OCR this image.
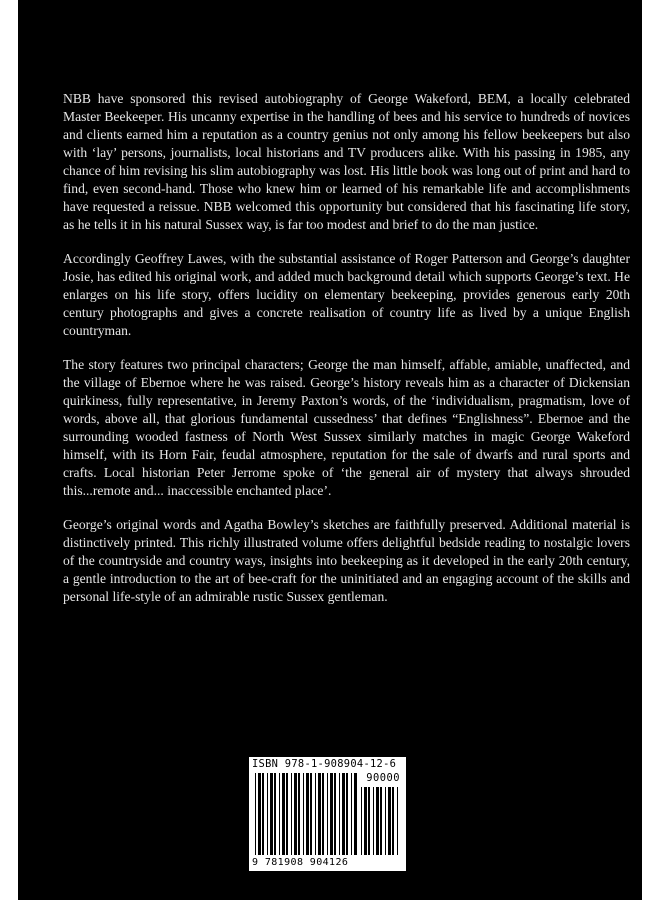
NBB have sponsored this revised autobiography of George Wakeford, BEM, a locally celebrated Master Beekeeper. His uncanny expertise in the handling of bees and his service to hundreds of novices and clients earned him a reputation as a country genius not only among his fellow beekeepers but also with ‘lay’ persons, journalists, local historians and TV producers alike. With his passing in 1985, any chance of him revising his slim autobiography was lost. His little book was long out of print and hard to find, even second-hand. Those who knew him or learned of his remarkable life and accomplishments have requested a reissue. NBB welcomed this opportunity but considered that his fascinating life story, as he tells it in his natural Sussex way, is far too modest and brief to do the man justice.

Accordingly Geoffrey Lawes, with the substantial assistance of Roger Patterson and George’s daughter Josie, has edited his original work, and added much background detail which supports George’s text. He enlarges on his life story, offers lucidity on elementary beekeeping, provides generous early 20th century photographs and gives a concrete realisation of country life as lived by a unique English countryman.

The story features two principal characters; George the man himself, affable, amiable, unaffected, and the village of Ebernoe where he was raised. George’s history reveals him as a character of Dickensian quirkiness, fully representative, in Jeremy Paxton’s words, of the ‘individualism, pragmatism, love of words, above all, that glorious fundamental cussedness’ that defines “Englishness”. Ebernoe and the surrounding wooded fastness of North West Sussex similarly matches in magic George Wakeford himself, with its Horn Fair, feudal atmosphere, reputation for the sale of dwarfs and rural sports and crafts. Local historian Peter Jerrome spoke of ‘the general air of mystery that always shrouded this...remote and... inaccessible enchanted place’.

George’s original words and Agatha Bowley’s sketches are faithfully preserved. Additional material is distinctively printed. This richly illustrated volume offers delightful bedside reading to nostalgic lovers of the countryside and country ways, insights into beekeeping as it developed in the early 20th century, a gentle introduction to the art of bee-craft for the uninitiated and an engaging account of the skills and personal life-style of an admirable rustic Sussex gentleman.

ISBN 978-1-908904-12-6
90000
9 781908 904126
